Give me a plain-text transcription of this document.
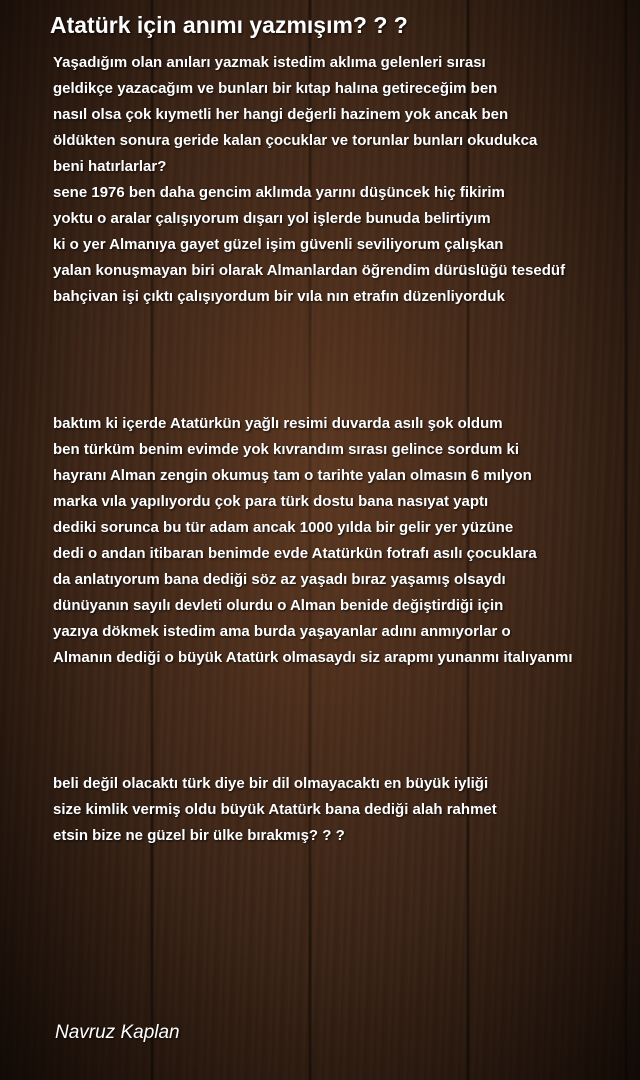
Atatürk için anımı yazmışım? ? ?
Yaşadığım olan anıları yazmak istedim aklıma gelenleri sırası
geldikçe yazacağım ve bunları bir kıtap halına getireceğim ben
nasıl olsa çok kıymetli her hangi değerli hazinem yok ancak ben
öldükten sonura geride kalan çocuklar ve torunlar bunları okudukca
beni hatırlarlar?
sene 1976 ben daha gencim aklımda yarını düşüncek hiç fikirim
yoktu o aralar çalışıyorum dışarı yol işlerde bunuda belirtiyım
ki o yer Almanıya gayet güzel işim güvenli seviliyorum çalışkan
yalan konuşmayan biri olarak Almanlardan öğrendim dürüslüğü tesedüf
bahçivan işi çıktı çalışıyordum bir vıla nın etrafın düzenliyorduk
baktım ki içerde Atatürkün yağlı resimi duvarda asılı şok oldum
ben türküm benim evimde yok kıvrandım sırası gelince sordum ki
hayranı Alman zengin okumuş tam o tarihte yalan olmasın 6 mılyon
marka vıla yapılıyordu çok para türk dostu bana nasıyat yaptı
dediki sorunca bu tür adam ancak 1000 yılda bir gelir yer yüzüne
dedi o andan itibaran benimde evde Atatürkün fotrafı asılı çocuklara
da anlatıyorum bana dediği söz az yaşadı bıraz yaşamış olsaydı
dünüyanın sayılı devleti olurdu o Alman benide değiştirdiği için
yazıya dökmek istedim ama burda yaşayanlar adını anmıyorlar o
Almanın dediği o büyük Atatürk olmasaydı siz arapmı yunanmı italıyanmı
beli değil olacaktı türk diye bir dil olmayacaktı en büyük iyliği
size kimlik vermiş oldu büyük Atatürk bana dediği alah rahmet
etsin bize ne güzel bir ülke bırakmış? ? ?
Navruz Kaplan
